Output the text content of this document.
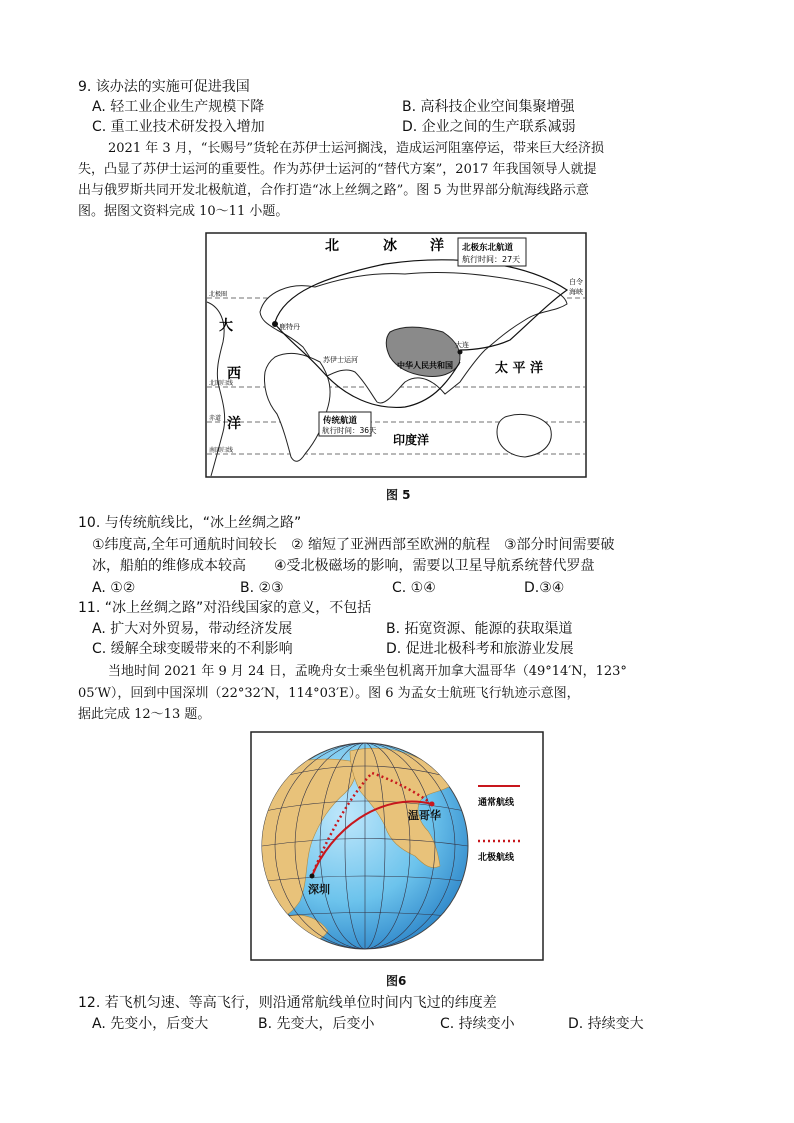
9. 该办法的实施可促进我国
A. 轻工业企业生产规模下降	B. 高科技企业空间集聚增强
C. 重工业技术研发投入增加	D. 企业之间的生产联系减弱
2021 年 3 月，“长赐号”货轮在苏伊士运河搁浅，造成运河阻塞停运，带来巨大经济损
失，凸显了苏伊士运河的重要性。作为苏伊士运河的“替代方案”，2017 年我国领导人就提
出与俄罗斯共同开发北极航道，合作打造“冰上丝绸之路”。图 5 为世界部分航海线路示意
图。据图文资料完成 10～11 小题。
北	冰 洋 北极东北航道
航行时间：27天
白令
海峡
北极圈
鹿特丹
大
西
洋
苏伊士运河
中华人民共和国
大连
太 平 洋
北回归线
赤道	传统航道
航行时间：36天
印度洋
南回归线
图 5
10. 与传统航线比，“冰上丝绸之路”
①纬度高,全年可通航时间较长　② 缩短了亚洲西部至欧洲的航程　③部分时间需要破
冰，船舶的维修成本较高　　④受北极磁场的影响，需要以卫星导航系统替代罗盘
A. ①②	B. ②③	C. ①④	D.③④
11. “冰上丝绸之路”对沿线国家的意义，不包括
A. 扩大对外贸易，带动经济发展	B. 拓宽资源、能源的获取渠道
C. 缓解全球变暖带来的不利影响	D. 促进北极科考和旅游业发展
当地时间 2021 年 9 月 24 日，孟晚舟女士乘坐包机离开加拿大温哥华（49°14′N，123°
05′W），回到中国深圳（22°32′N，114°03′E）。图 6 为孟女士航班飞行轨迹示意图，
据此完成 12～13 题。
温哥华
深圳
通常航线
北极航线
图6
12. 若飞机匀速、等高飞行，则沿通常航线单位时间内飞过的纬度差
A. 先变小，后变大	B. 先变大，后变小	C. 持续变小	D. 持续变大
